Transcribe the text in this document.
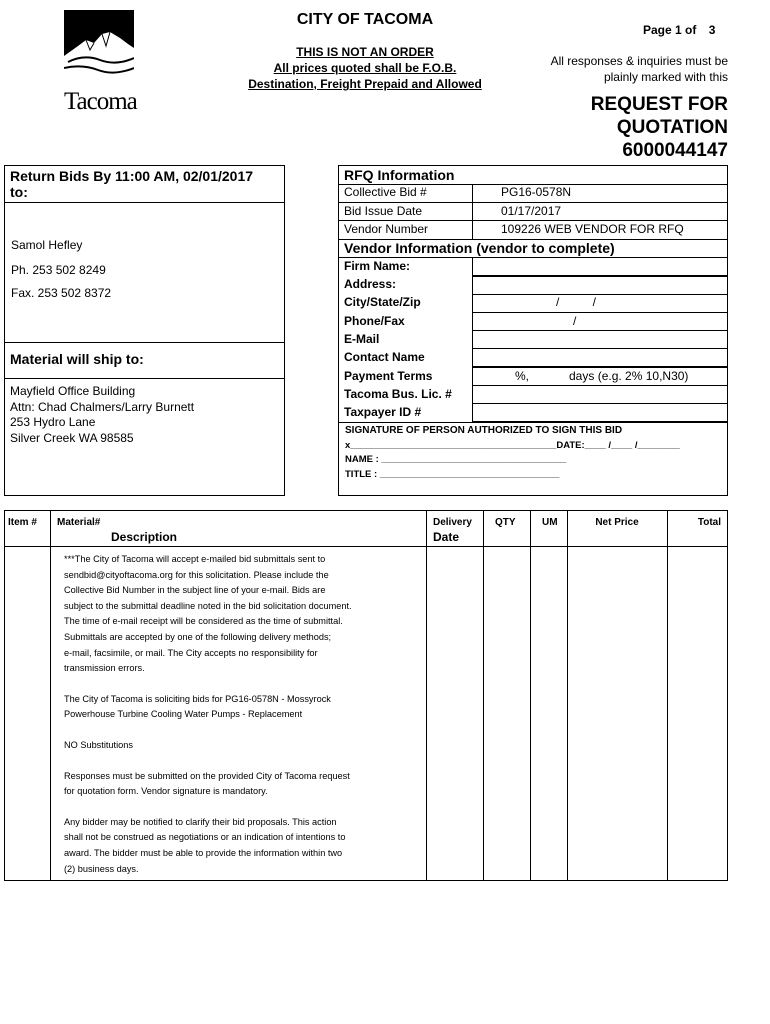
Tacoma
CITY OF TACOMA
THIS IS NOT AN ORDER
All prices quoted shall be F.O.B.
Destination, Freight Prepaid and Allowed
Page 1 of 3
All responses & inquiries must be
plainly marked with this
REQUEST FOR
QUOTATION
6000044147
Return Bids By 11:00 AM, 02/01/2017
to:
Samol Hefley
Ph. 253 502 8249
Fax. 253 502 8372
Material will ship to:
Mayfield Office Building
Attn: Chad Chalmers/Larry Burnett
253 Hydro Lane
Silver Creek WA 98585
RFQ Information
Collective Bid #	PG16-0578N
Bid Issue Date	01/17/2017
Vendor Number	109226 WEB VENDOR FOR RFQ
Vendor Information (vendor to complete)
Firm Name:
Address:
City/State/Zip	/          /
Phone/Fax	/
E-Mail
Contact Name
Payment Terms	%,            days (e.g. 2% 10,N30)
Tacoma Bus. Lic. #
Taxpayer ID #
SIGNATURE OF PERSON AUTHORIZED TO SIGN THIS BID
x_______________________________________DATE:____ /____ /________
NAME : ___________________________________
TITLE : __________________________________
Item # Material#
Description
Delivery
Date
QTY	UM	Net Price	Total

***The City of Tacoma will accept e-mailed bid submittals sent to
sendbid@cityoftacoma.org for this solicitation. Please include the
Collective Bid Number in the subject line of your e-mail. Bids are
subject to the submittal deadline noted in the bid solicitation document.
The time of e-mail receipt will be considered as the time of submittal.
Submittals are accepted by one of the following delivery methods;
e-mail, facsimile, or mail. The City accepts no responsibility for
transmission errors.

The City of Tacoma is soliciting bids for PG16-0578N - Mossyrock
Powerhouse Turbine Cooling Water Pumps - Replacement

NO Substitutions

Responses must be submitted on the provided City of Tacoma request
for quotation form. Vendor signature is mandatory.

Any bidder may be notified to clarify their bid proposals. This action
shall not be construed as negotiations or an indication of intentions to
award. The bidder must be able to provide the information within two
(2) business days.
